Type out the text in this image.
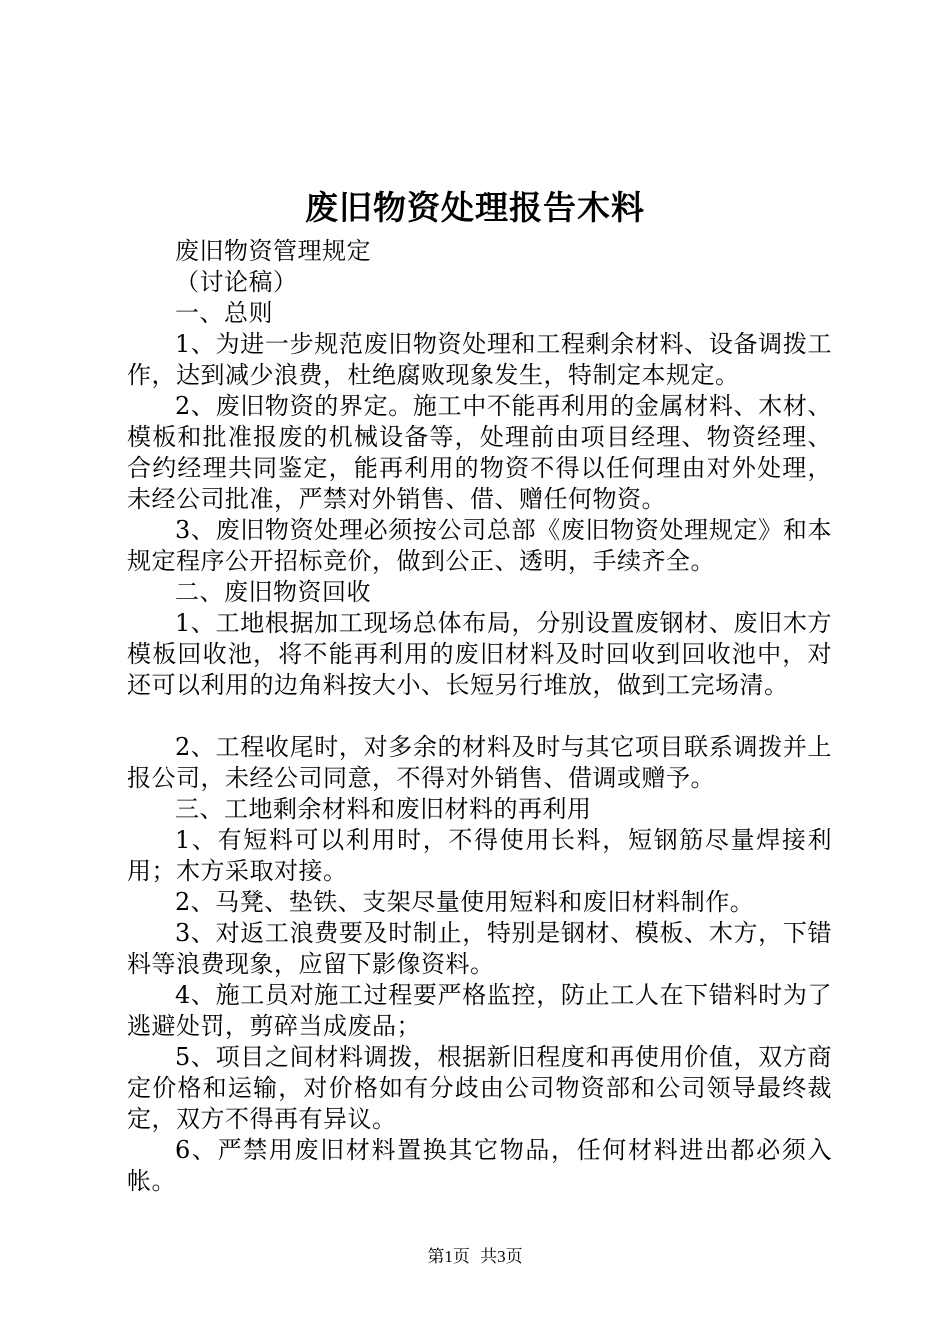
废旧物资处理报告木料

废旧物资管理规定

（讨论稿）

一、总则

1、为进一步规范废旧物资处理和工程剩余材料、设备调拨工作，达到减少浪费，杜绝腐败现象发生，特制定本规定。

2、废旧物资的界定。施工中不能再利用的金属材料、木材、模板和批准报废的机械设备等，处理前由项目经理、物资经理、合约经理共同鉴定，能再利用的物资不得以任何理由对外处理，未经公司批准，严禁对外销售、借、赠任何物资。

3、废旧物资处理必须按公司总部《废旧物资处理规定》和本规定程序公开招标竞价，做到公正、透明，手续齐全。

二、废旧物资回收

1、工地根据加工现场总体布局，分别设置废钢材、废旧木方模板回收池，将不能再利用的废旧材料及时回收到回收池中，对还可以利用的边角料按大小、长短另行堆放，做到工完场清。

2、工程收尾时，对多余的材料及时与其它项目联系调拨并上报公司，未经公司同意，不得对外销售、借调或赠予。

三、工地剩余材料和废旧材料的再利用

1、有短料可以利用时，不得使用长料，短钢筋尽量焊接利用；木方采取对接。

2、马凳、垫铁、支架尽量使用短料和废旧材料制作。

3、对返工浪费要及时制止，特别是钢材、模板、木方，下错料等浪费现象，应留下影像资料。

4、施工员对施工过程要严格监控，防止工人在下错料时为了逃避处罚，剪碎当成废品；

5、项目之间材料调拨，根据新旧程度和再使用价值，双方商定价格和运输，对价格如有分歧由公司物资部和公司领导最终裁定，双方不得再有异议。

6、严禁用废旧材料置换其它物品，任何材料进出都必须入帐。

第1页 共3页
